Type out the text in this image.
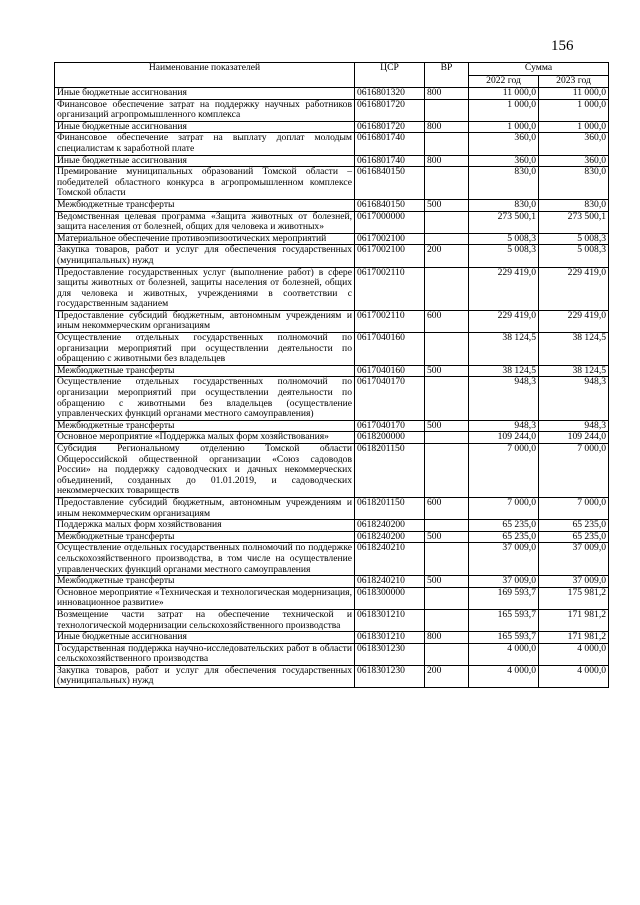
156
Наименование показателей	ЦСР	ВР	Сумма	
			2022 год	2023 год
Иные бюджетные ассигнования	0616801320	800	11 000,0	11 000,0
Финансовое обеспечение затрат на поддержку научных работников организаций агропромышленного комплекса	0616801720		1 000,0	1 000,0
Иные бюджетные ассигнования	0616801720	800	1 000,0	1 000,0
Финансовое обеспечение затрат на выплату доплат молодым специалистам к заработной плате	0616801740		360,0	360,0
Иные бюджетные ассигнования	0616801740	800	360,0	360,0
Премирование муниципальных образований Томской области – победителей областного конкурса в агропромышленном комплексе Томской области	0616840150		830,0	830,0
Межбюджетные трансферты	0616840150	500	830,0	830,0
Ведомственная целевая программа «Защита животных от болезней, защита населения от болезней, общих для человека и животных»	0617000000		273 500,1	273 500,1
Материальное обеспечение противоэпизоотических мероприятий	0617002100		5 008,3	5 008,3
Закупка товаров, работ и услуг для обеспечения государственных (муниципальных) нужд	0617002100	200	5 008,3	5 008,3
Предоставление государственных услуг (выполнение работ) в сфере защиты животных от болезней, защиты населения от болезней, общих для человека и животных, учреждениями в соответствии с государственным заданием	0617002110		229 419,0	229 419,0
Предоставление субсидий бюджетным, автономным учреждениям и иным некоммерческим организациям	0617002110	600	229 419,0	229 419,0
Осуществление отдельных государственных полномочий по организации мероприятий при осуществлении деятельности по обращению с животными без владельцев	0617040160		38 124,5	38 124,5
Межбюджетные трансферты	0617040160	500	38 124,5	38 124,5
Осуществление отдельных государственных полномочий по организации мероприятий при осуществлении деятельности по обращению с животными без владельцев (осуществление управленческих функций органами местного самоуправления)	0617040170		948,3	948,3
Межбюджетные трансферты	0617040170	500	948,3	948,3
Основное мероприятие «Поддержка малых форм хозяйствования»	0618200000		109 244,0	109 244,0
Субсидия Региональному отделению Томской области Общероссийской общественной организации «Союз садоводов России» на поддержку садоводческих и дачных некоммерческих объединений, созданных до 01.01.2019, и садоводческих некоммерческих товариществ	0618201150		7 000,0	7 000,0
Предоставление субсидий бюджетным, автономным учреждениям и иным некоммерческим организациям	0618201150	600	7 000,0	7 000,0
Поддержка малых форм хозяйствования	0618240200		65 235,0	65 235,0
Межбюджетные трансферты	0618240200	500	65 235,0	65 235,0
Осуществление отдельных государственных полномочий по поддержке сельскохозяйственного производства, в том числе на осуществление управленческих функций органами местного самоуправления	0618240210		37 009,0	37 009,0
Межбюджетные трансферты	0618240210	500	37 009,0	37 009,0
Основное мероприятие «Техническая и технологическая модернизация, инновационное развитие»	0618300000		169 593,7	175 981,2
Возмещение части затрат на обеспечение технической и технологической модернизации сельскохозяйственного производства	0618301210		165 593,7	171 981,2
Иные бюджетные ассигнования	0618301210	800	165 593,7	171 981,2
Государственная поддержка научно-исследовательских работ в области сельскохозяйственного производства	0618301230		4 000,0	4 000,0
Закупка товаров, работ и услуг для обеспечения государственных (муниципальных) нужд	0618301230	200	4 000,0	4 000,0
